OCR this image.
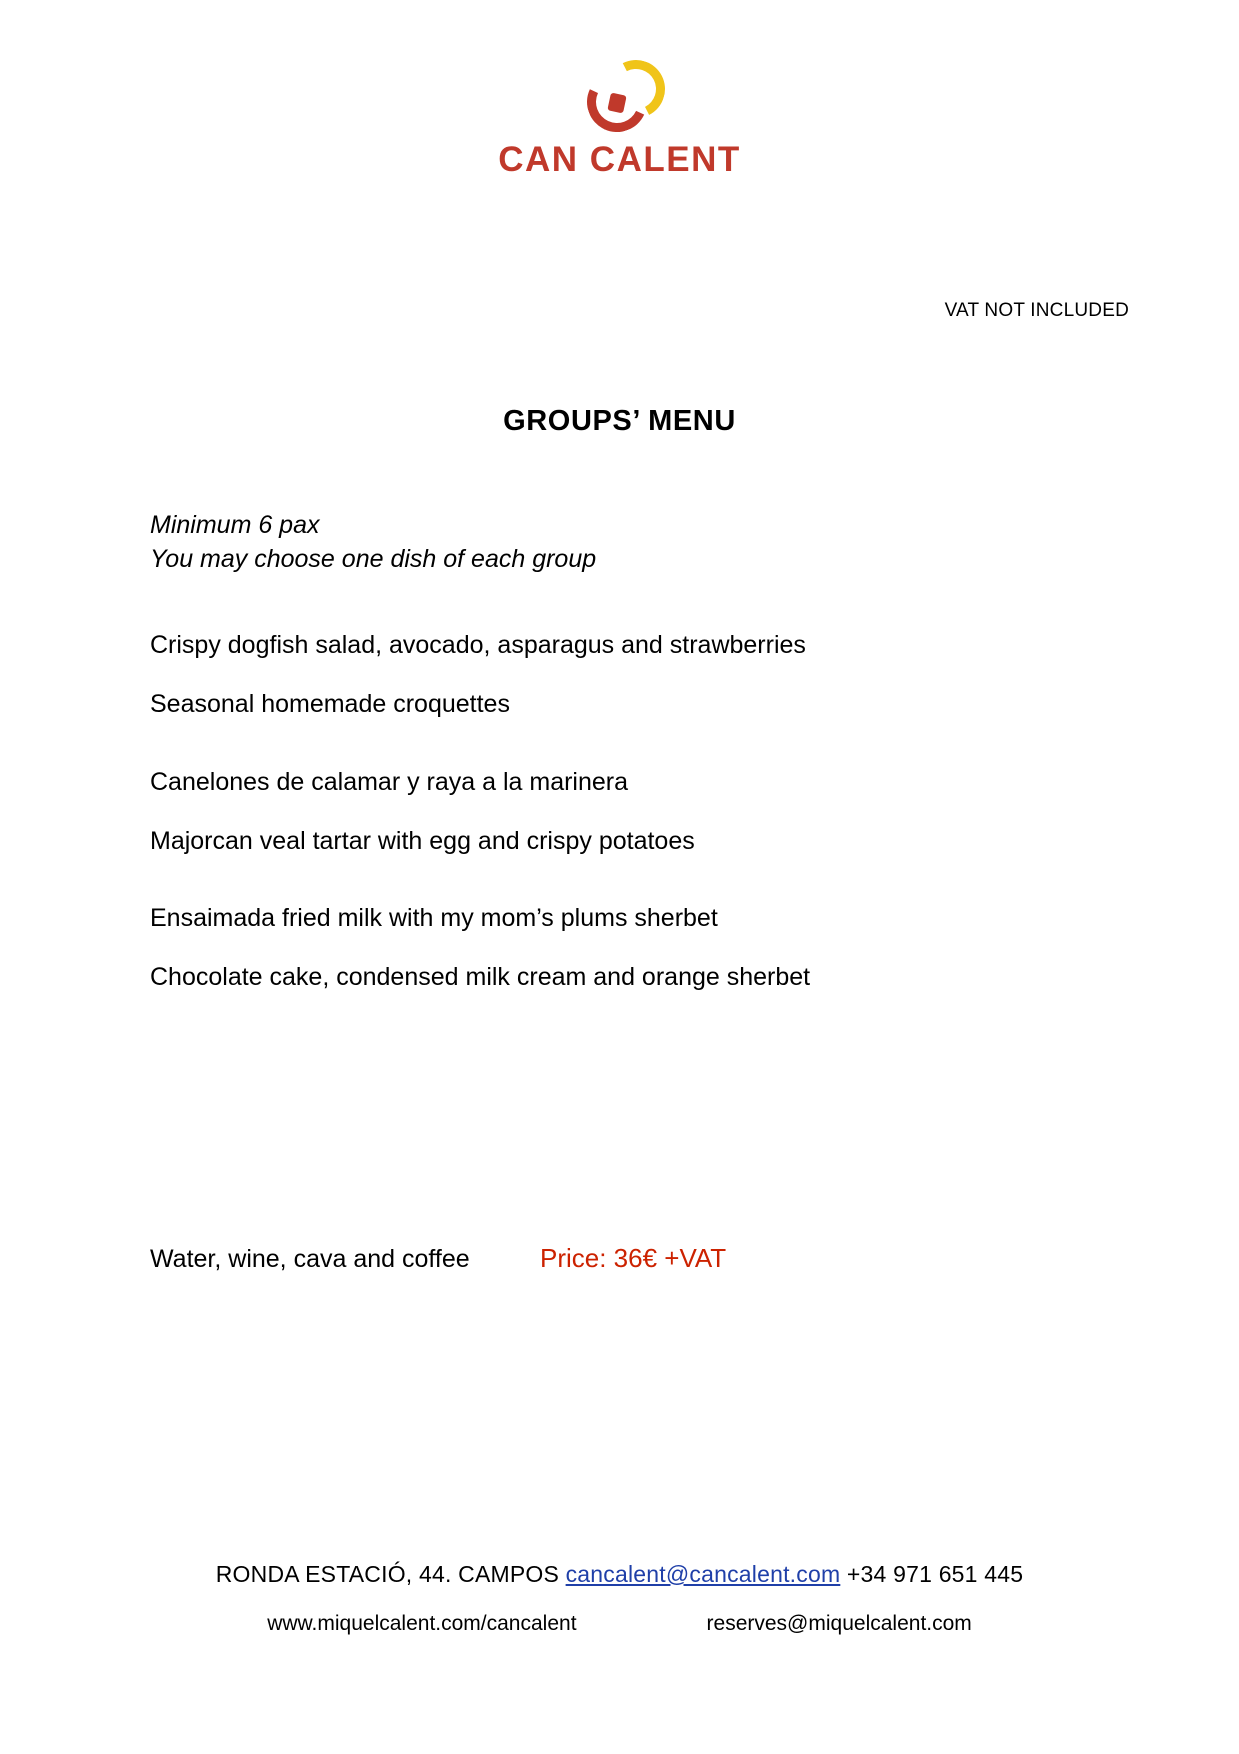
CAN CALENT
VAT NOT INCLUDED
GROUPS’ MENU
Minimum 6 pax
You may choose one dish of each group
Crispy dogfish salad, avocado, asparagus and strawberries
Seasonal homemade croquettes
Canelones de calamar y raya a la marinera
Majorcan veal tartar with egg and crispy potatoes
Ensaimada fried milk with my mom’s plums sherbet
Chocolate cake, condensed milk cream and orange sherbet
Water, wine, cava and coffee	Price: 36€ +VAT
RONDA ESTACIÓ, 44. CAMPOS cancalent@cancalent.com +34 971 651 445
www.miquelcalent.com/cancalent	reserves@miquelcalent.com
